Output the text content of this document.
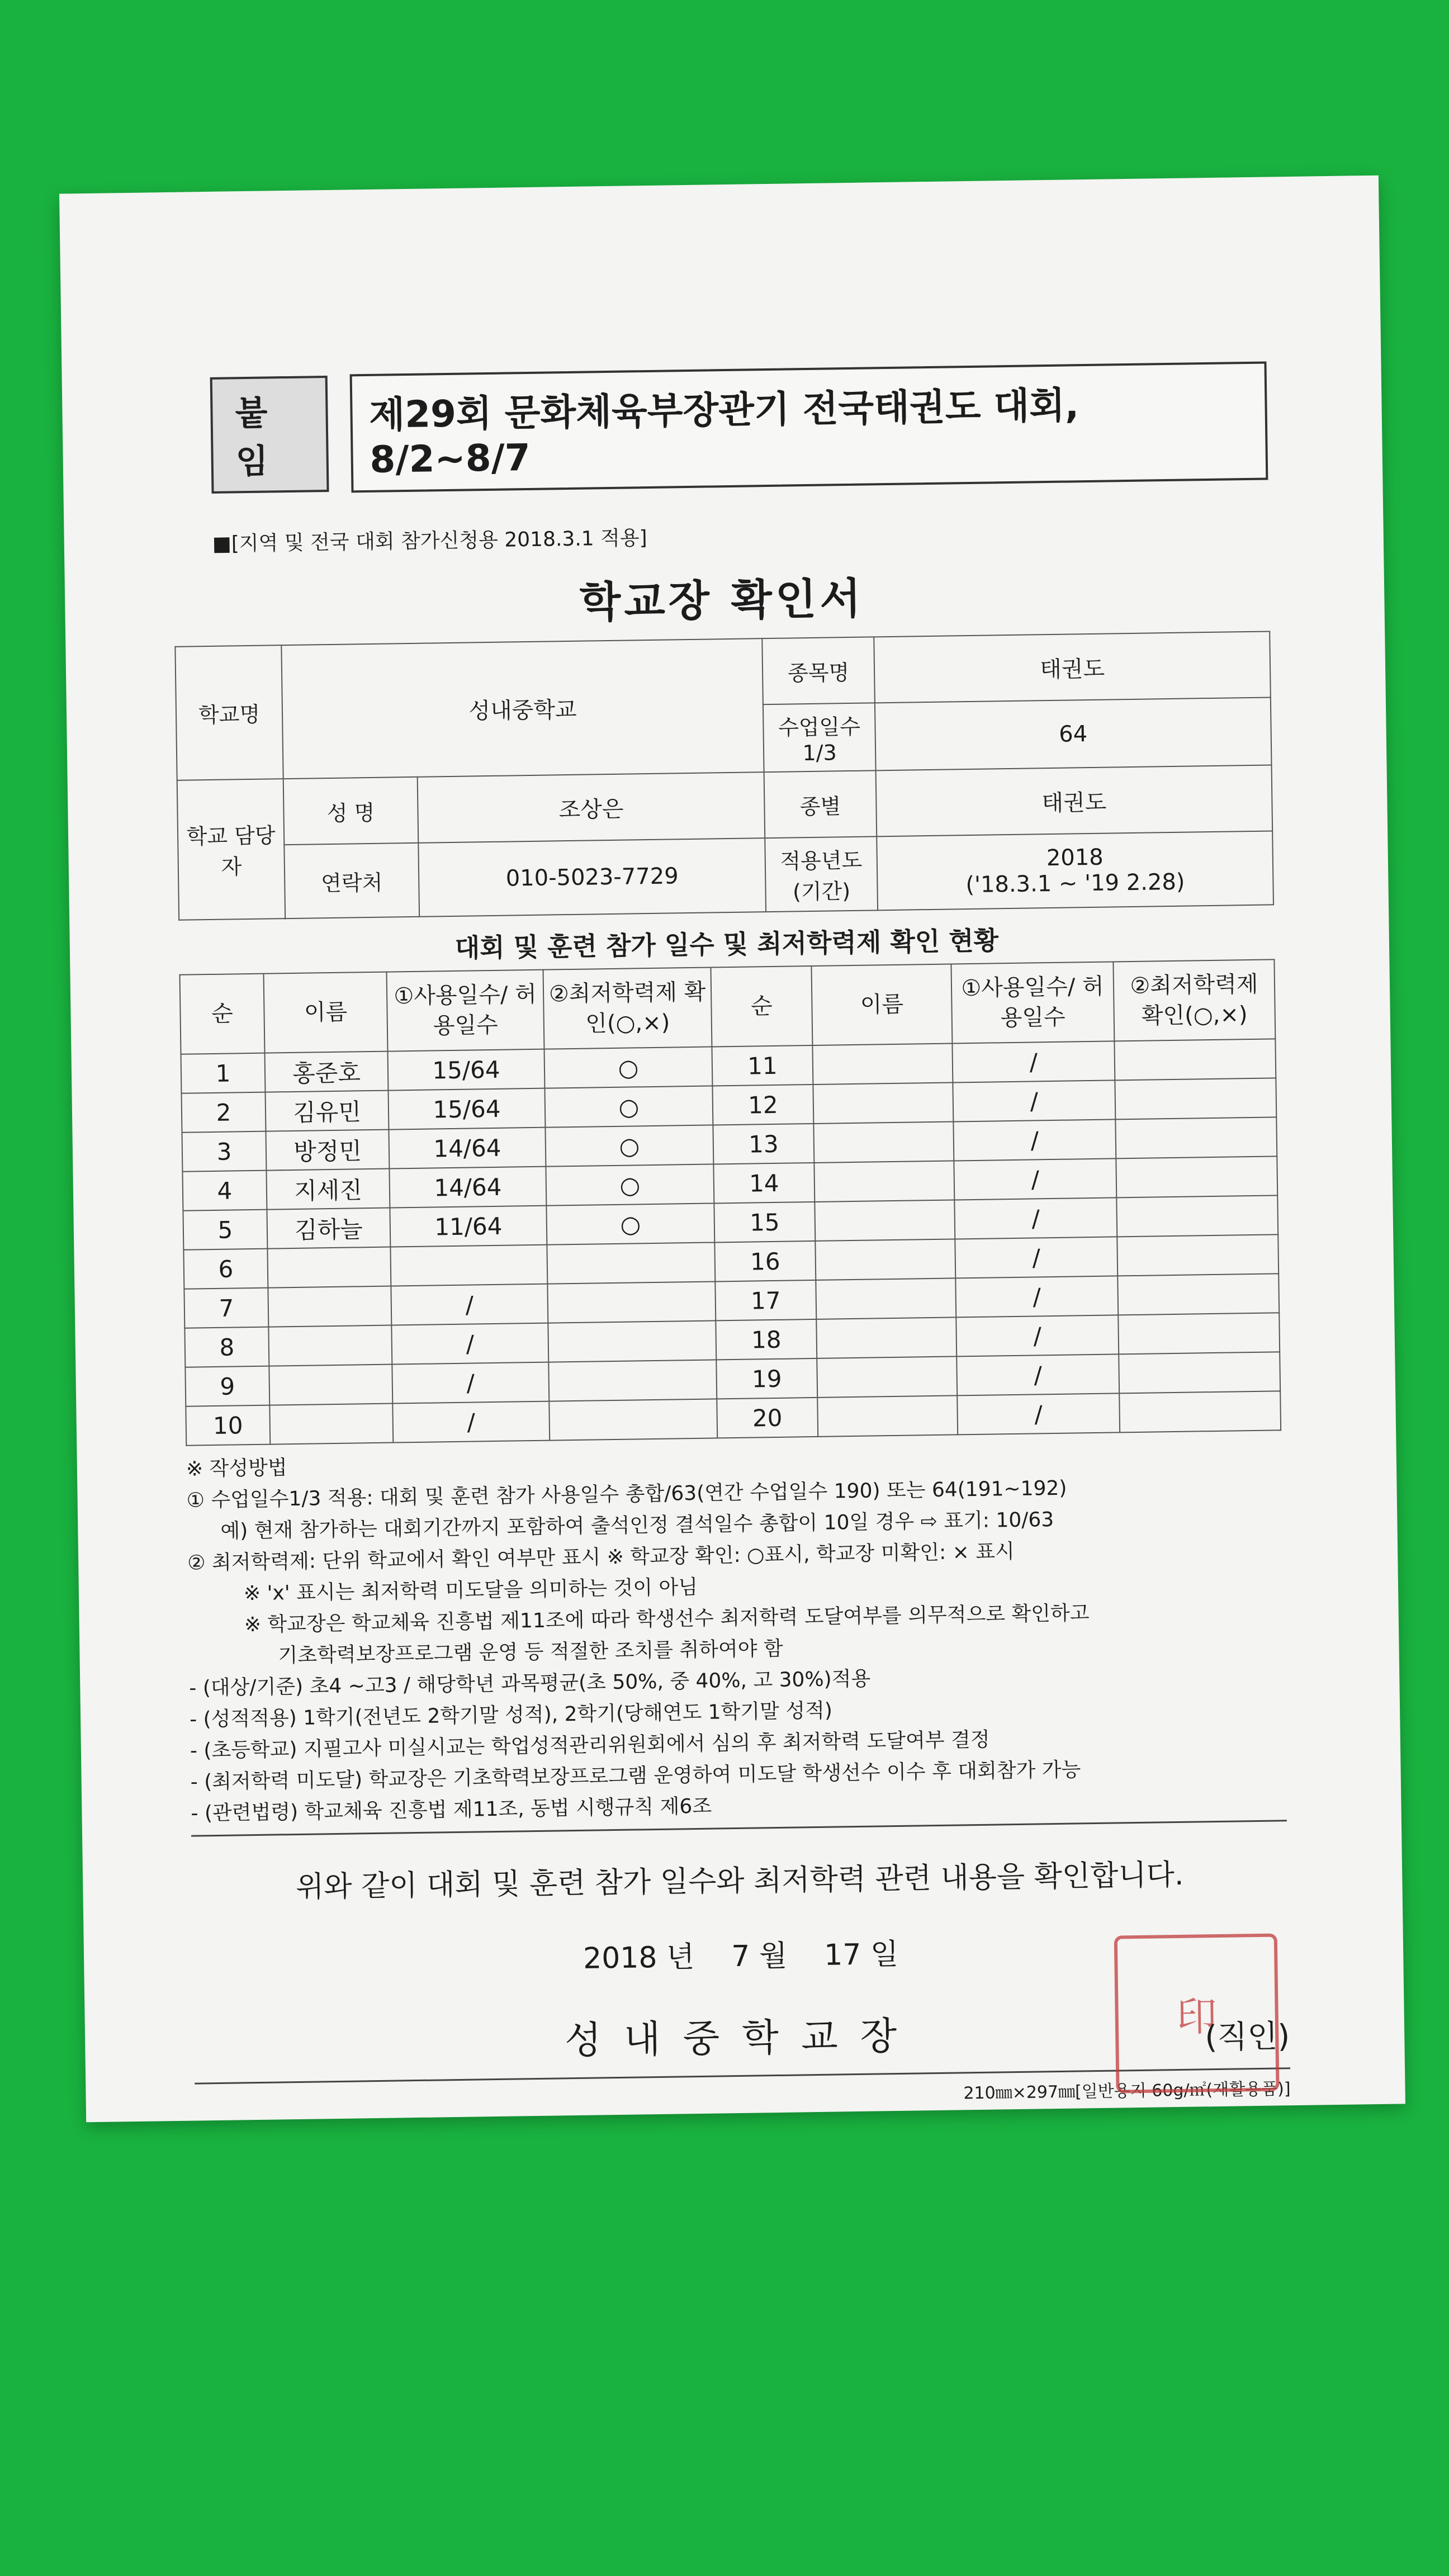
붙임
제29회 문화체육부장관기 전국태권도 대회, 8/2~8/7
■[지역 및 전국 대회 참가신청용 2018.3.1 적용]
학교장 확인서
학교명	성내중학교		종목명	태권도
			수업일수 1/3	64
학교 담당자	성 명	조상은	종별	태권도
	연락처	010-5023-7729	적용년도 (기간)	2018
('18.3.1 ~ '19 2.28)
대회 및 훈련 참가 일수 및 최저학력제 확인 현황
순	이름	①사용일수/ 허용일수	②최저학력제 확인(○,×)	순	이름	①사용일수/ 허용일수	②최저학력제 확인(○,×)
1	홍준호	15/64	○	11		/	
2	김유민	15/64	○	12		/	
3	방정민	14/64	○	13		/	
4	지세진	14/64	○	14		/	
5	김하늘	11/64	○	15		/	
6				16		/	
7		/		17		/	
8		/		18		/	
9		/		19		/	
10		/		20		/	
※ 작성방법
① 수업일수1/3 적용: 대회 및 훈련 참가 사용일수 총합/63(연간 수업일수 190) 또는 64(191~192)
예) 현재 참가하는 대회기간까지 포함하여 출석인정 결석일수 총합이 10일 경우 ⇨ 표기: 10/63
② 최저학력제: 단위 학교에서 확인 여부만 표시 ※ 학교장 확인: ○표시, 학교장 미확인: × 표시
※ 'x' 표시는 최저학력 미도달을 의미하는 것이 아님
※ 학교장은 학교체육 진흥법 제11조에 따라 학생선수 최저학력 도달여부를 의무적으로 확인하고
기초학력보장프로그램 운영 등 적절한 조치를 취하여야 함
- (대상/기준) 초4 ~고3 / 해당학년 과목평균(초 50%, 중 40%, 고 30%)적용
- (성적적용) 1학기(전년도 2학기말 성적), 2학기(당해연도 1학기말 성적)
- (초등학교) 지필고사 미실시교는 학업성적관리위원회에서 심의 후 최저학력 도달여부 결정
- (최저학력 미도달) 학교장은 기초학력보장프로그램 운영하여 미도달 학생선수 이수 후 대회참가 가능
- (관련법령) 학교체육 진흥법 제11조, 동법 시행규칙 제6조
위와 같이 대회 및 훈련 참가 일수와 최저학력 관련 내용을 확인합니다.
2018 년 7 월 17 일
성내중학교장	印
(직인)
210㎜×297㎜[일반용지 60g/㎡(재활용품)]
